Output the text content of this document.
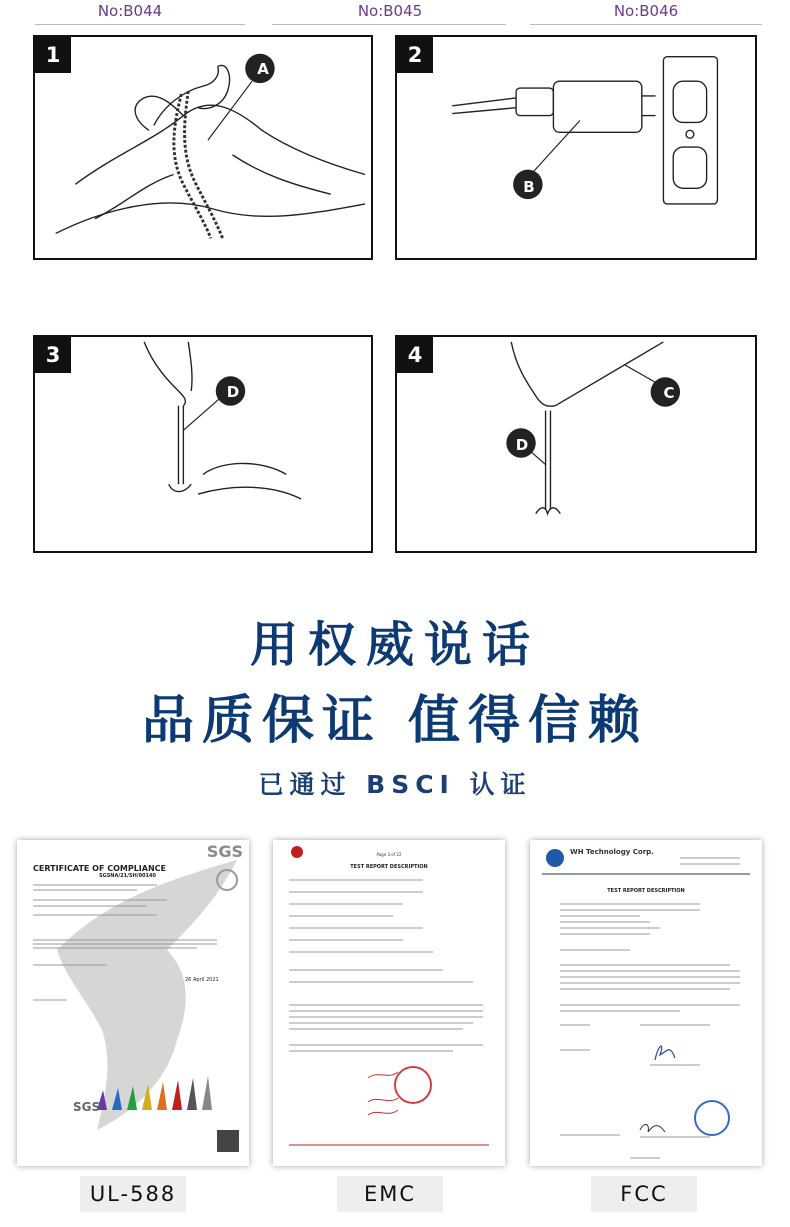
No:B044	No:B045	No:B046
1
A
2
B
3
D
4
C
D
用权威说话
品质保证 值得信赖
已通过 BSCI 认证
SGS
CERTIFICATE OF COMPLIANCE
SGSNA/21/SH/00140
26 April 2021
SGS
Page 3 of 22
TEST REPORT DESCRIPTION
WH Technology Corp.
TEST REPORT DESCRIPTION
UL-588	EMC	FCC
